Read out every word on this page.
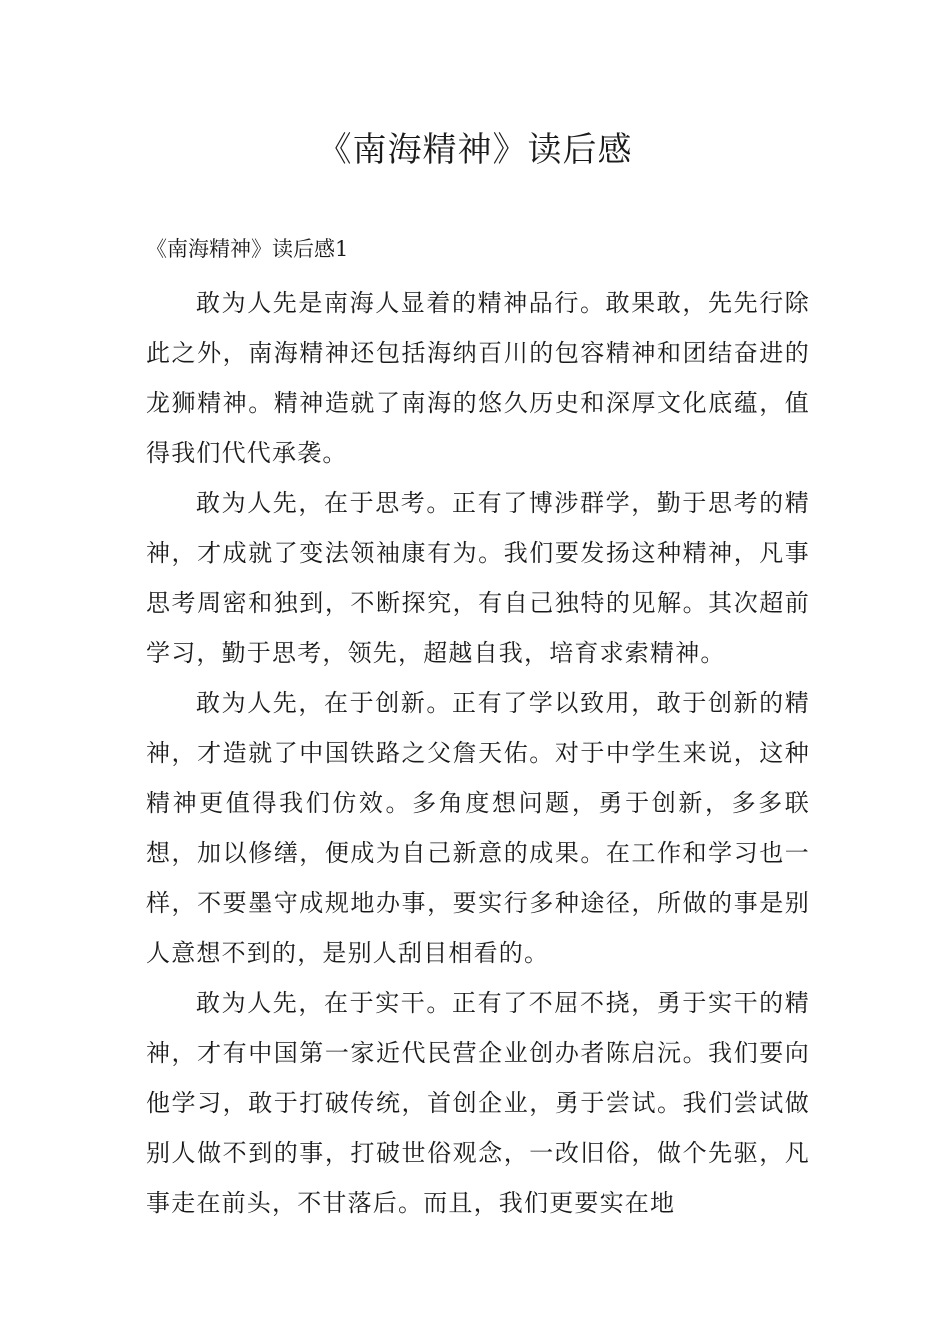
《南海精神》读后感

《南海精神》读后感1

敢为人先是南海人显着的精神品行。敢果敢，先先行除此之外，南海精神还包括海纳百川的包容精神和团结奋进的龙狮精神。精神造就了南海的悠久历史和深厚文化底蕴，值得我们代代承袭。

敢为人先，在于思考。正有了博涉群学，勤于思考的精神，才成就了变法领袖康有为。我们要发扬这种精神，凡事思考周密和独到，不断探究，有自己独特的见解。其次超前学习，勤于思考，领先，超越自我，培育求索精神。

敢为人先，在于创新。正有了学以致用，敢于创新的精神，才造就了中国铁路之父詹天佑。对于中学生来说，这种精神更值得我们仿效。多角度想问题，勇于创新，多多联想，加以修缮，便成为自己新意的成果。在工作和学习也一样，不要墨守成规地办事，要实行多种途径，所做的事是别人意想不到的，是别人刮目相看的。

敢为人先，在于实干。正有了不屈不挠，勇于实干的精神，才有中国第一家近代民营企业创办者陈启沅。我们要向他学习，敢于打破传统，首创企业，勇于尝试。我们尝试做别人做不到的事，打破世俗观念，一改旧俗，做个先驱，凡事走在前头，不甘落后。而且，我们更要实在地
